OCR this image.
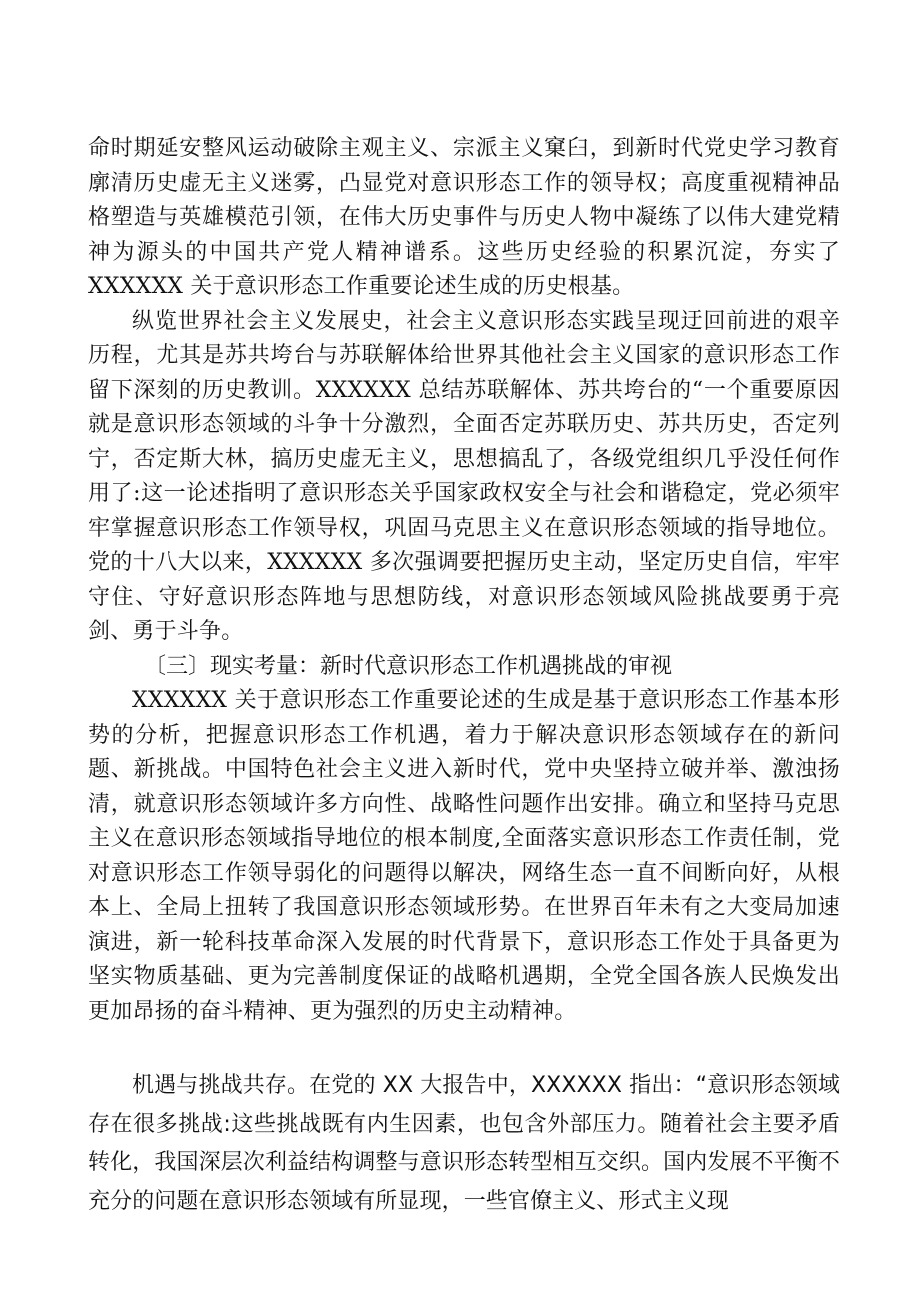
命时期延安整风运动破除主观主义、宗派主义窠臼，到新时代党史学习教育廓清历史虚无主义迷雾，凸显党对意识形态工作的领导权；高度重视精神品格塑造与英雄模范引领，在伟大历史事件与历史人物中凝练了以伟大建党精神为源头的中国共产党人精神谱系。这些历史经验的积累沉淀，夯实了 XXXXXX 关于意识形态工作重要论述生成的历史根基。

纵览世界社会主义发展史，社会主义意识形态实践呈现迂回前进的艰辛历程，尤其是苏共垮台与苏联解体给世界其他社会主义国家的意识形态工作留下深刻的历史教训。XXXXXX 总结苏联解体、苏共垮台的“一个重要原因就是意识形态领域的斗争十分激烈，全面否定苏联历史、苏共历史，否定列宁，否定斯大林，搞历史虚无主义，思想搞乱了，各级党组织几乎没任何作用了:这一论述指明了意识形态关乎国家政权安全与社会和谐稳定，党必须牢牢掌握意识形态工作领导权，巩固马克思主义在意识形态领域的指导地位。党的十八大以来，XXXXXX 多次强调要把握历史主动，坚定历史自信，牢牢守住、守好意识形态阵地与思想防线，对意识形态领域风险挑战要勇于亮剑、勇于斗争。

〔三〕现实考量：新时代意识形态工作机遇挑战的审视

XXXXXX 关于意识形态工作重要论述的生成是基于意识形态工作基本形势的分析，把握意识形态工作机遇，着力于解决意识形态领域存在的新问题、新挑战。中国特色社会主义进入新时代，党中央坚持立破并举、激浊扬清，就意识形态领域许多方向性、战略性问题作出安排。确立和坚持马克思主义在意识形态领域指导地位的根本制度,全面落实意识形态工作责任制，党对意识形态工作领导弱化的问题得以解决，网络生态一直不间断向好，从根本上、全局上扭转了我国意识形态领域形势。在世界百年未有之大变局加速演进，新一轮科技革命深入发展的时代背景下，意识形态工作处于具备更为坚实物质基础、更为完善制度保证的战略机遇期，全党全国各族人民焕发出更加昂扬的奋斗精神、更为强烈的历史主动精神。

机遇与挑战共存。在党的 XX 大报告中，XXXXXX 指出：“意识形态领域存在很多挑战:这些挑战既有内生因素，也包含外部压力。随着社会主要矛盾转化，我国深层次利益结构调整与意识形态转型相互交织。国内发展不平衡不充分的问题在意识形态领域有所显现，一些官僚主义、形式主义现
